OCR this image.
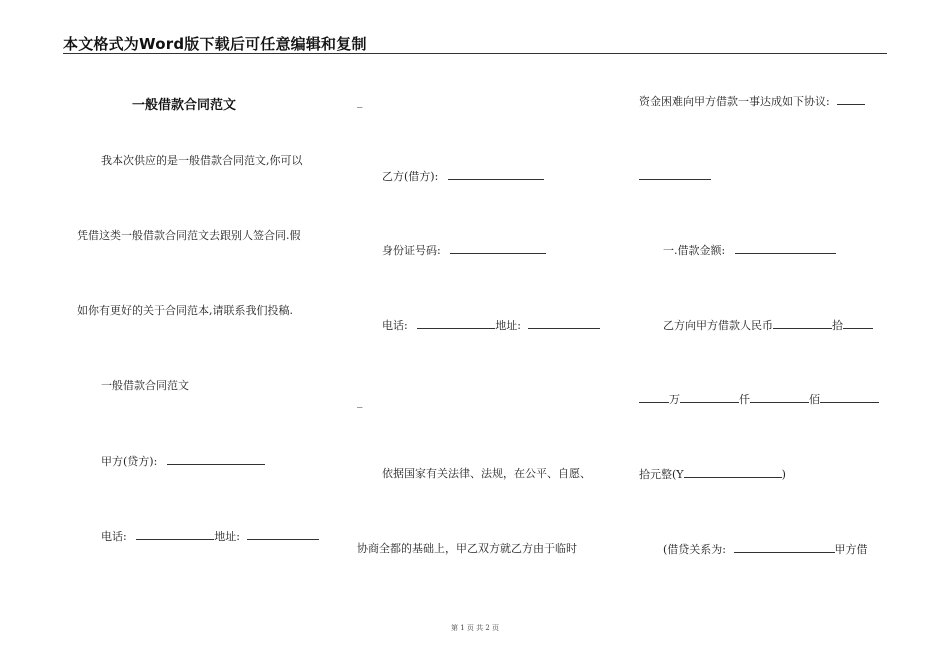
本文格式为Word版下载后可任意编辑和复制
一般借款合同范文
我本次供应的是一般借款合同范文,你可以
凭借这类一般借款合同范文去跟别人签合同.假
如你有更好的关于合同范本,请联系我们投稿.
一般借款合同范文
甲方(贷方):
电话:	地址:
_
乙方(借方):
身份证号码:
电话:	地址:
_
依据国家有关法律、法规，在公平、自愿、
协商全都的基础上，甲乙双方就乙方由于临时
资金困难向甲方借款一事达成如下协议:
一.借款金额:
乙方向甲方借款人民币	拾
万	仟	佰
拾元整(Y	)
(借贷关系为:	甲方借
第 1 页 共 2 页
